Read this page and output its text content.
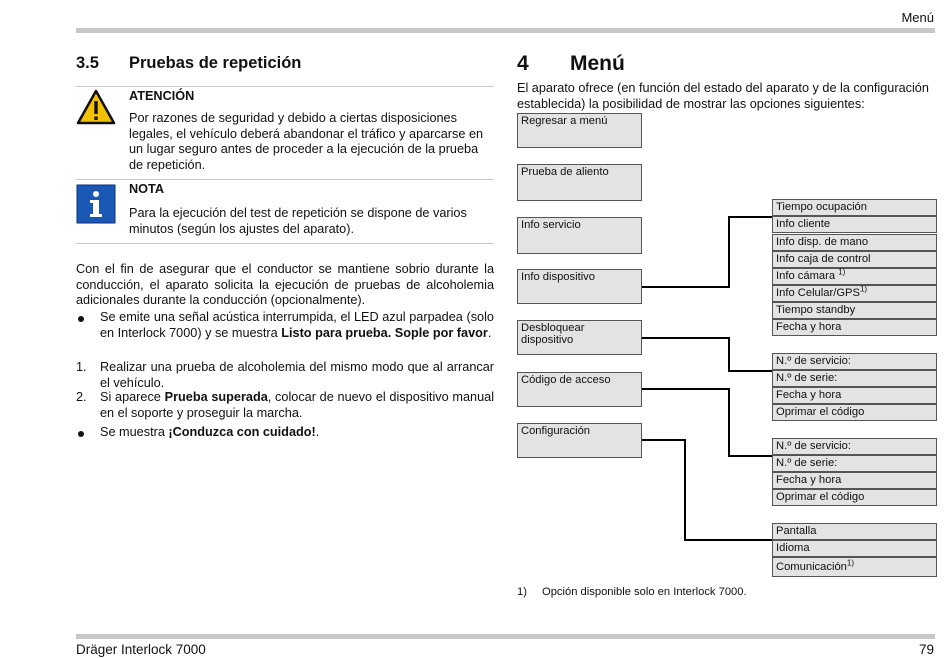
Menú
3.5 Pruebas de repetición
ATENCIÓN
Por razones de seguridad y debido a ciertas disposiciones legales, el vehículo deberá abandonar el tráfico y aparcarse en un lugar seguro antes de proceder a la ejecución de la prueba de repetición.
NOTA
Para la ejecución del test de repetición se dispone de varios minutos (según los ajustes del aparato).
Con el fin de asegurar que el conductor se mantiene sobrio durante la conducción, el aparato solicita la ejecución de pruebas de alcoholemia adicionales durante la conducción (opcionalmente).
Se emite una señal acústica interrumpida, el LED azul parpadea (solo en Interlock 7000) y se muestra Listo para prueba. Sople por favor.
1. Realizar una prueba de alcoholemia del mismo modo que al arrancar el vehículo.
2. Si aparece Prueba superada, colocar de nuevo el dispositivo manual en el soporte y proseguir la marcha.
Se muestra ¡Conduzca con cuidado!.
4 Menú
El aparato ofrece (en función del estado del aparato y de la configuración establecida) la posibilidad de mostrar las opciones siguientes:
Regresar a menú
Prueba de aliento
Info servicio
Info dispositivo
Desbloquear dispositivo
Código de acceso
Configuración
Tiempo ocupación
Info cliente
Info disp. de mano
Info caja de control
Info cámara $^{1)}$
Info Celular/GPS$^{1)}$
Tiempo standby
Fecha y hora
N.º de servicio:
N.º de serie:
Fecha y hora
Oprimar el código
N.º de servicio:
N.º de serie:
Fecha y hora
Oprimar el código
Pantalla
Idioma
Comunicación$^{1)}$
1) Opción disponible solo en Interlock 7000.
Dräger Interlock 7000	79
